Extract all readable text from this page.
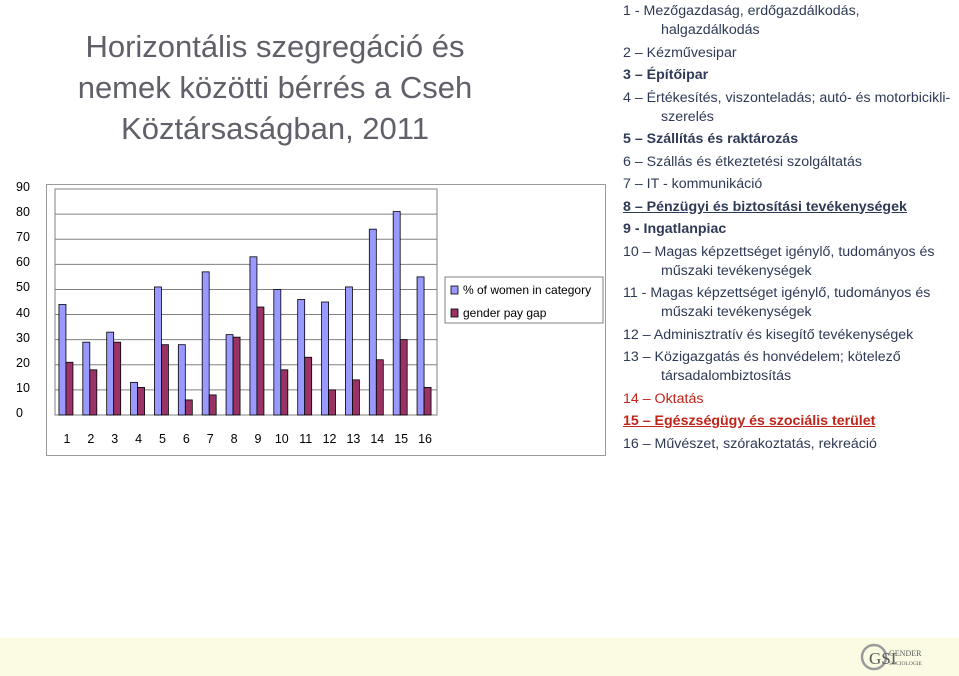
Horizontális szegregáció és nemek közötti bérrés a Cseh Köztársaságban, 2011
1 2 3 4 5 6 7 8 9 10 11 12 13 14 15 16
% of women in category
gender pay gap
1 - Mezőgazdaság, erdőgazdálkodás, halgazdálkodás
2 – Kézművesipar
3 – Építőipar
4 – Értékesítés, viszonteladás; autó- és motorbicikli-szerelés
5 – Szállítás és raktározás
6 – Szállás és étkeztetési szolgáltatás
7 – IT - kommunikáció
8 – Pénzügyi és biztosítási tevékenységek
9 - Ingatlanpiac
10 – Magas képzettséget igénylő, tudományos és műszaki tevékenységek
11 - Magas képzettséget igénylő, tudományos és műszaki tevékenységek
12 – Adminisztratív és kisegítő tevékenységek
13 – Közigazgatás és honvédelem; kötelező társadalombiztosítás
14 – Oktatás
15 – Egészségügy és szociális terület
16 – Művészet, szórakoztatás, rekreáció
GSI
GENDER
SOCIOLOGIE
0
10
20
30
40
50
60
70
80
90
